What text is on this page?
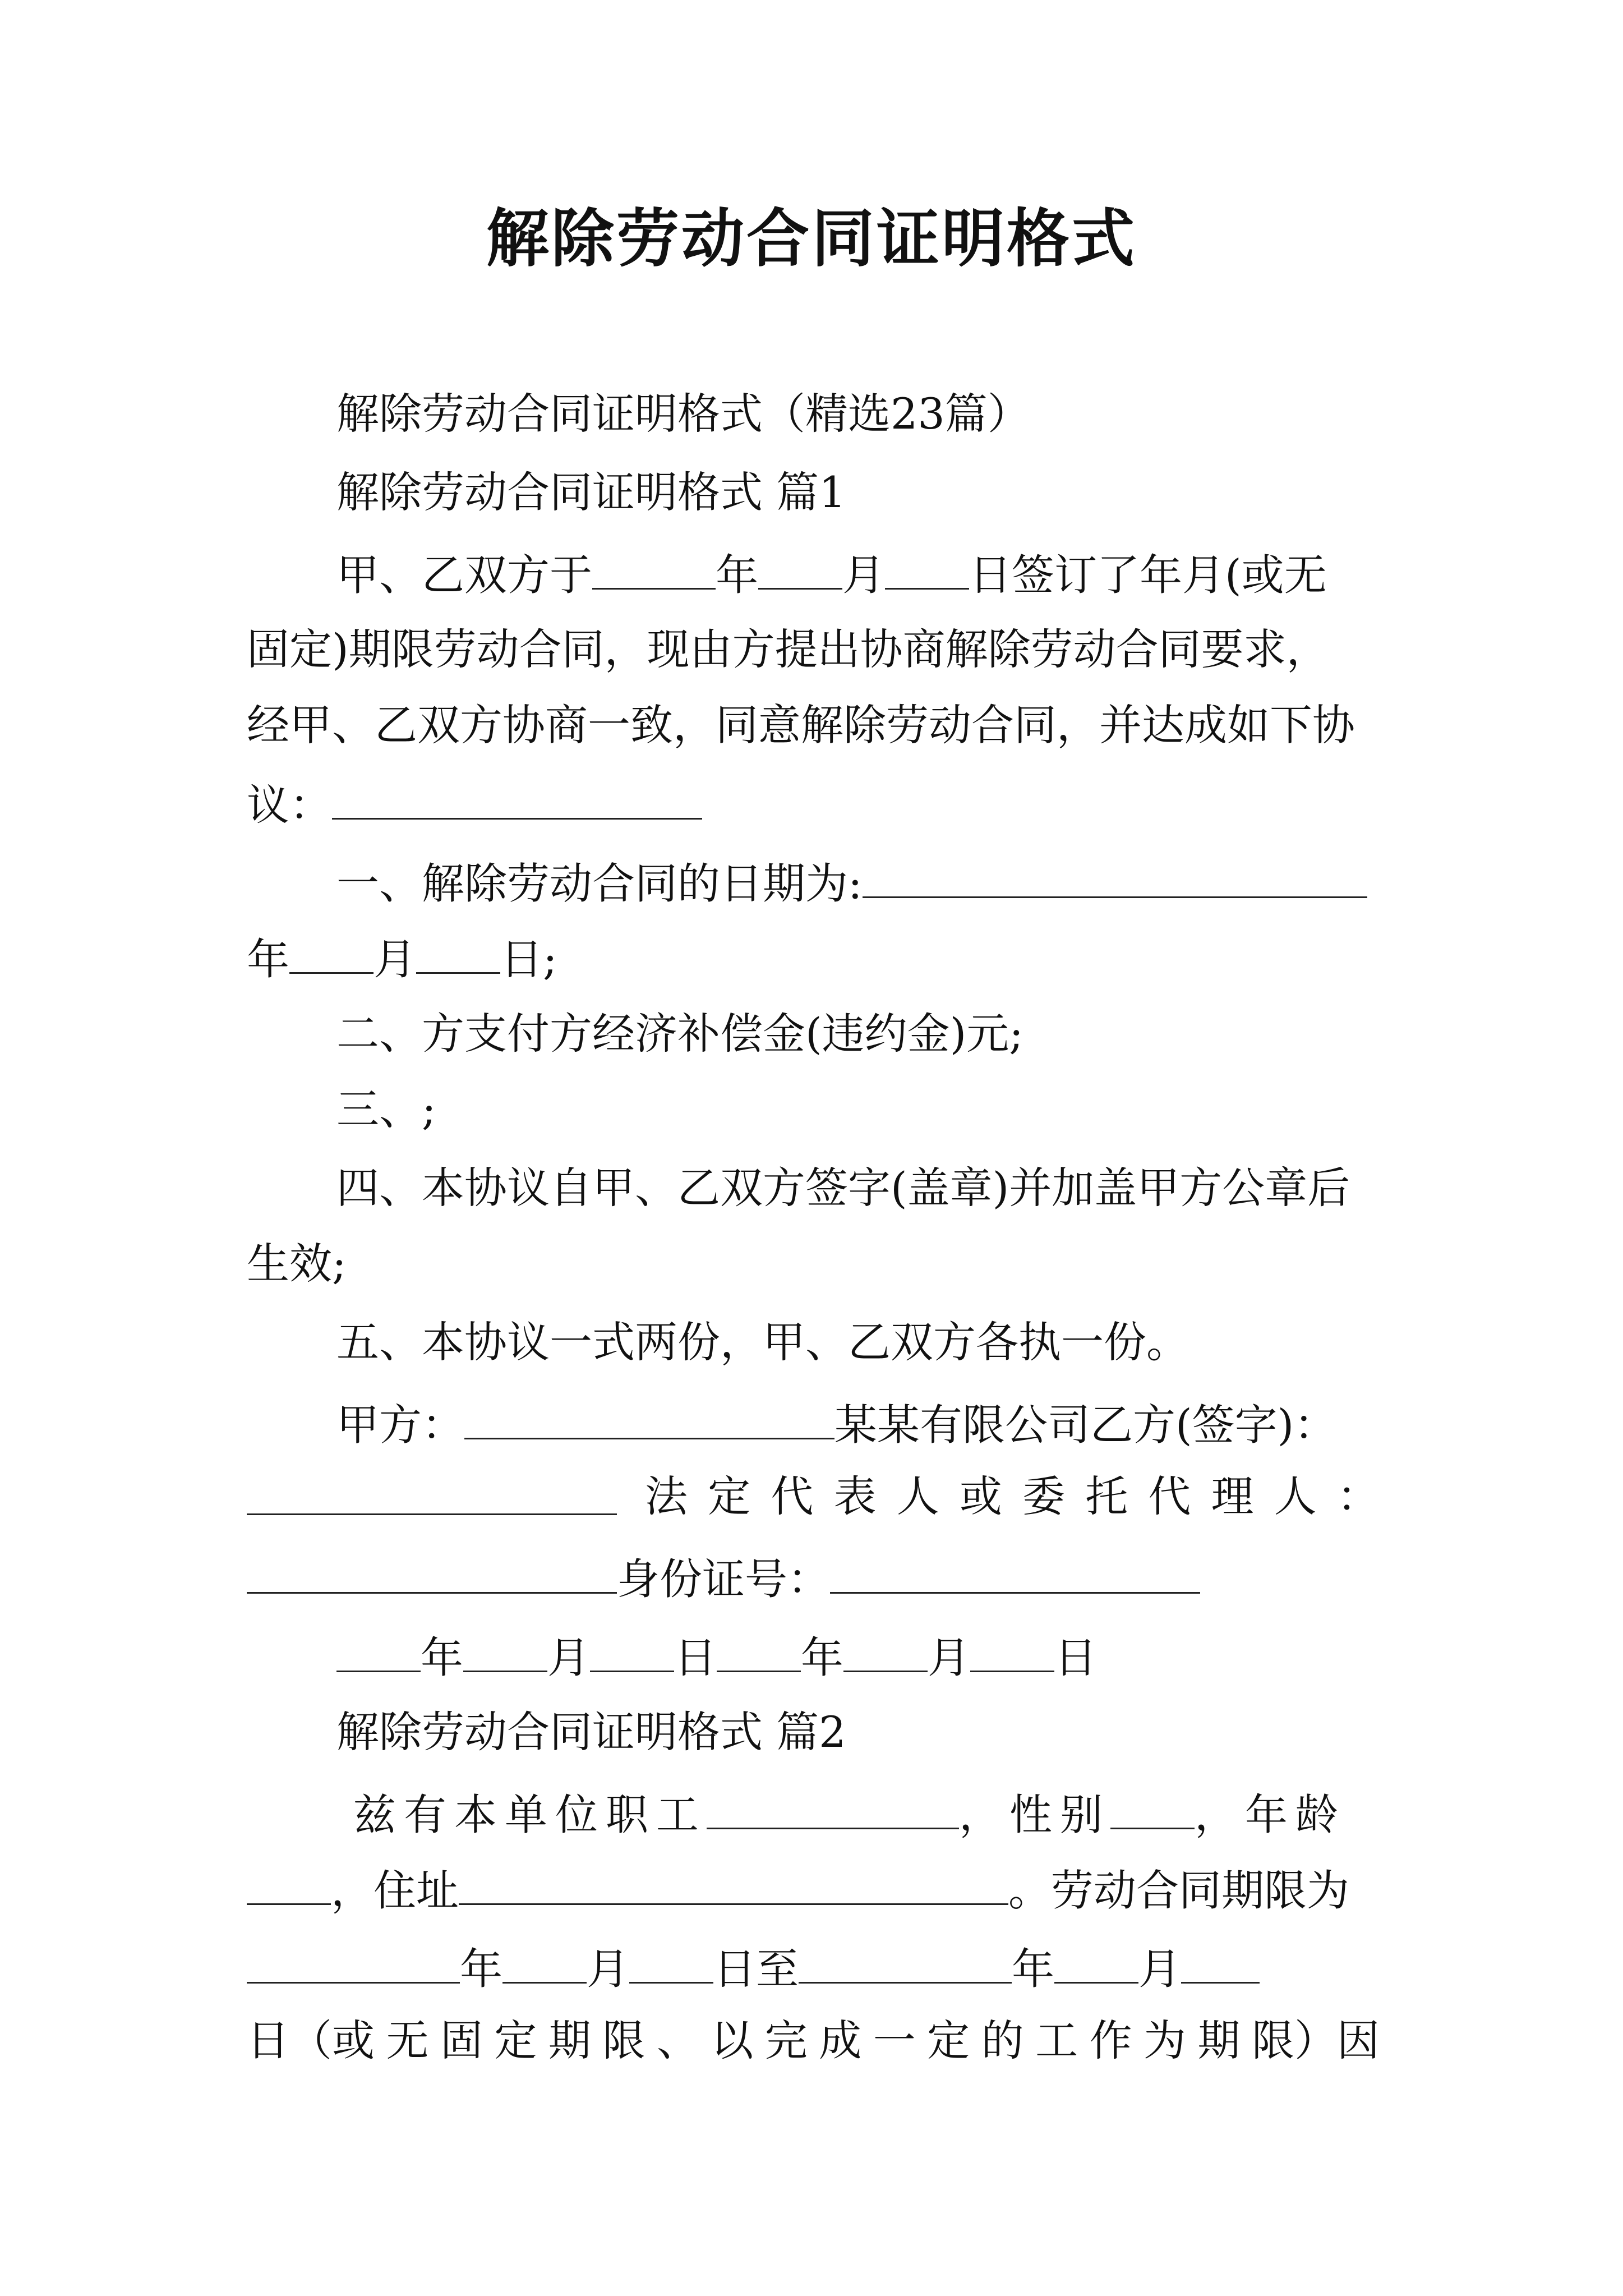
解除劳动合同证明格式
解除劳动合同证明格式（精选23篇）
解除劳动合同证明格式 篇1
甲、乙双方于	年 月 日签订了年月(或无
固定)期限劳动合同，现由方提出协商解除劳动合同要求，
经甲、乙双方协商一致，同意解除劳动合同，并达成如下协
议：
一、解除劳动合同的日期为:
年 月 日;
二、方支付方经济补偿金(违约金)元;
三、;
四、本协议自甲、乙双方签字(盖章)并加盖甲方公章后
生效;
五、本协议一式两份，甲、乙双方各执一份。
甲方：	某某有限公司乙方(签字)：
法 定 代 表 人 或 委 托 代 理 人 ：
身份证号：
年 月 日 年 月 日
解除劳动合同证明格式 篇2
兹有本单位职工	，性别 ，年龄
，住址	。劳动合同期限为
年 月 日至	年 月
日（或 无 固 定 期 限 、 以 完 成 一 定 的 工 作 为 期 限）因
